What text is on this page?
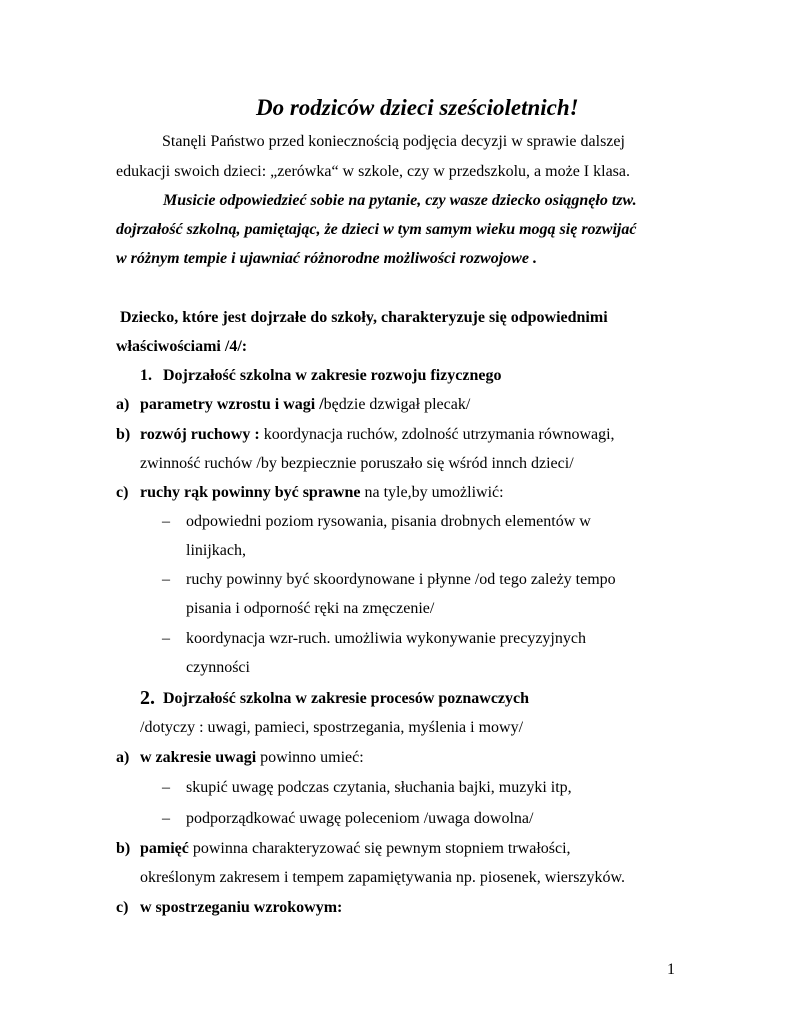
Do rodziców dzieci sześcioletnich!
Stanęli Państwo przed koniecznością podjęcia decyzji w sprawie dalszej
edukacji swoich dzieci: „zerówka“ w szkole, czy w przedszkolu, a może I klasa.
Musicie odpowiedzieć sobie na pytanie, czy wasze dziecko osiągnęło tzw.
dojrzałość szkolną, pamiętając, że dzieci w tym samym wieku mogą się rozwijać
w różnym tempie i ujawniać różnorodne możliwości rozwojowe .
Dziecko, które jest dojrzałe do szkoły, charakteryzuje się odpowiednimi
właściwościami /4/:
1. Dojrzałość szkolna w zakresie rozwoju fizycznego
a) parametry wzrostu i wagi /będzie dzwigał plecak/
b) rozwój ruchowy : koordynacja ruchów, zdolność utrzymania równowagi,
zwinność ruchów /by bezpiecznie poruszało się wśród innch dzieci/
c) ruchy rąk powinny być sprawne na tyle,by umożliwić:
– odpowiedni poziom rysowania, pisania drobnych elementów w
linijkach,
– ruchy powinny być skoordynowane i płynne /od tego zależy tempo
pisania i odporność ręki na zmęczenie/
– koordynacja wzr-ruch. umożliwia wykonywanie precyzyjnych
czynności
2. Dojrzałość szkolna w zakresie procesów poznawczych
/dotyczy : uwagi, pamieci, spostrzegania, myślenia i mowy/
a) w zakresie uwagi powinno umieć:
– skupić uwagę podczas czytania, słuchania bajki, muzyki itp,
– podporządkować uwagę poleceniom /uwaga dowolna/
b) pamięć powinna charakteryzować się pewnym stopniem trwałości,
określonym zakresem i tempem zapamiętywania np. piosenek, wierszyków.
c) w spostrzeganiu wzrokowym:
1
